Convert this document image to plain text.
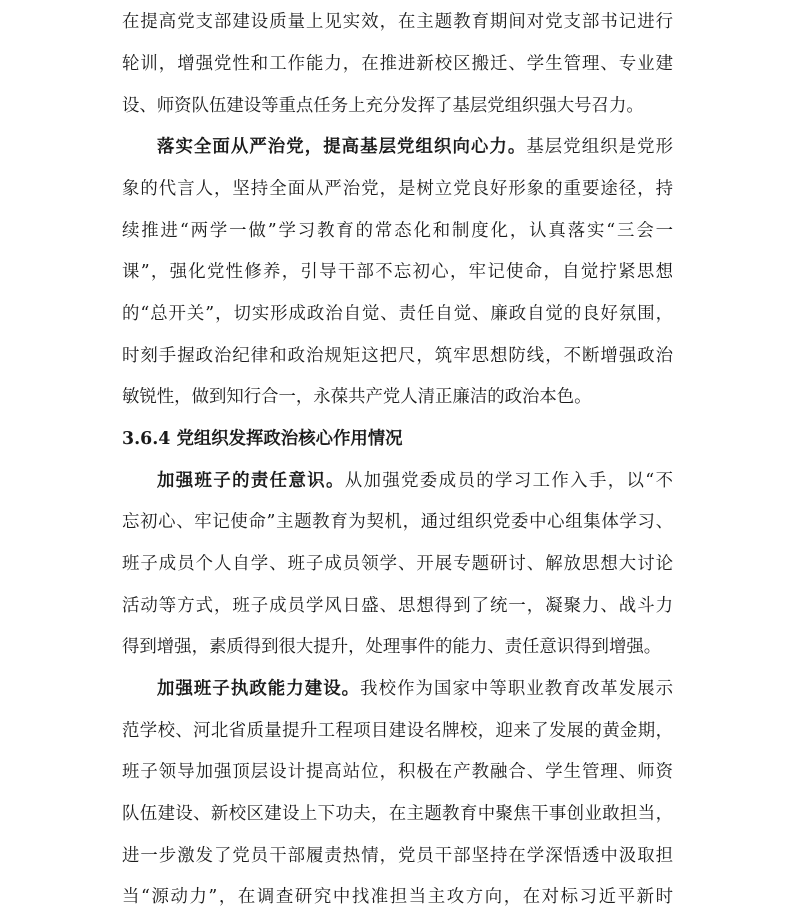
在提高党支部建设质量上见实效，在主题教育期间对党支部书记进行
轮训，增强党性和工作能力，在推进新校区搬迁、学生管理、专业建
设、师资队伍建设等重点任务上充分发挥了基层党组织强大号召力。
落实全面从严治党，提高基层党组织向心力。基层党组织是党形
象的代言人，坚持全面从严治党，是树立党良好形象的重要途径，持
续推进“两学一做”学习教育的常态化和制度化，认真落实“三会一
课”，强化党性修养，引导干部不忘初心，牢记使命，自觉拧紧思想
的“总开关”，切实形成政治自觉、责任自觉、廉政自觉的良好氛围，
时刻手握政治纪律和政治规矩这把尺，筑牢思想防线，不断增强政治
敏锐性，做到知行合一，永葆共产党人清正廉洁的政治本色。
3.6.4 党组织发挥政治核心作用情况
加强班子的责任意识。从加强党委成员的学习工作入手，以“不
忘初心、牢记使命”主题教育为契机，通过组织党委中心组集体学习、
班子成员个人自学、班子成员领学、开展专题研讨、解放思想大讨论
活动等方式，班子成员学风日盛、思想得到了统一，凝聚力、战斗力
得到增强，素质得到很大提升，处理事件的能力、责任意识得到增强。
加强班子执政能力建设。我校作为国家中等职业教育改革发展示
范学校、河北省质量提升工程项目建设名牌校，迎来了发展的黄金期，
班子领导加强顶层设计提高站位，积极在产教融合、学生管理、师资
队伍建设、新校区建设上下功夫，在主题教育中聚焦干事创业敢担当，
进一步激发了党员干部履责热情，党员干部坚持在学深悟透中汲取担
当“源动力”，在调查研究中找准担当主攻方向，在对标习近平新时
